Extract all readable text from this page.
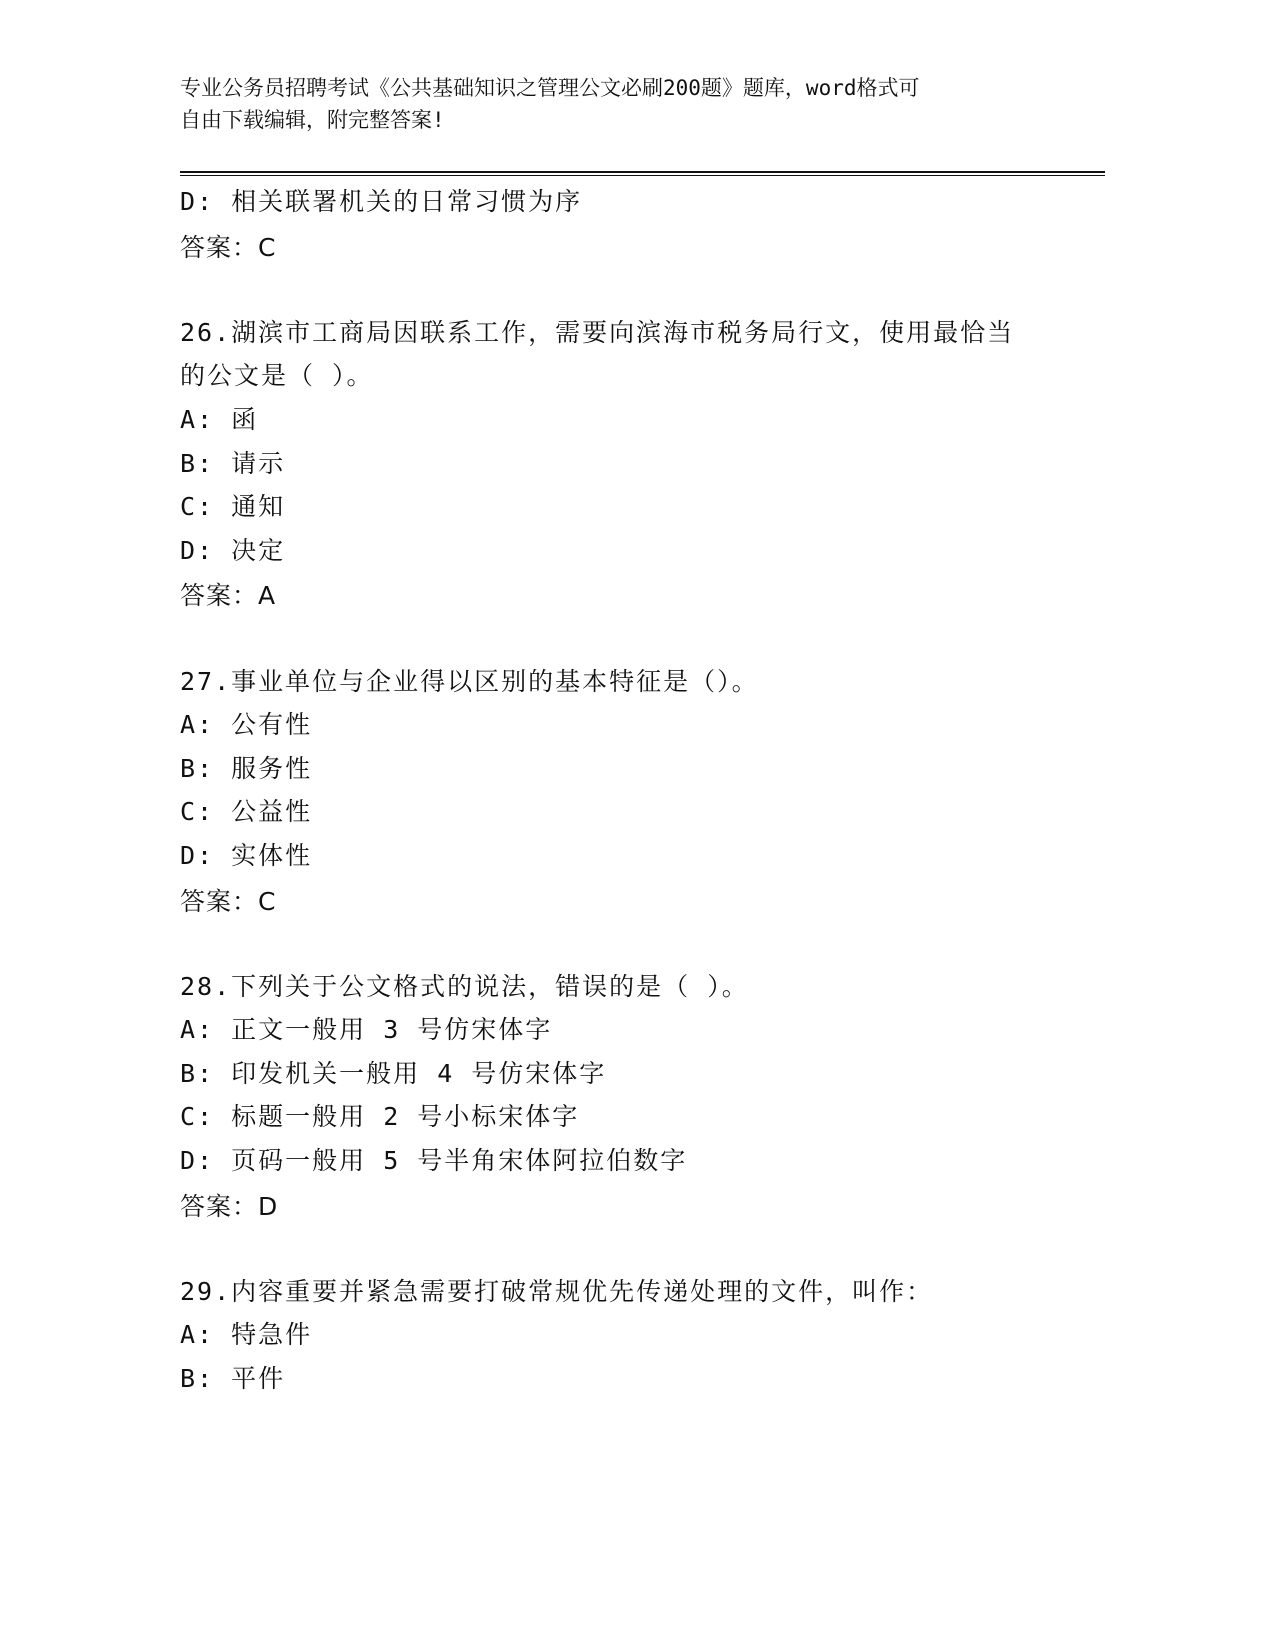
专业公务员招聘考试《公共基础知识之管理公文必刷200题》题库，word格式可
自由下载编辑，附完整答案!
D: 相关联署机关的日常习惯为序
答案：C
26.湖滨市工商局因联系工作，需要向滨海市税务局行文，使用最恰当
的公文是（ ）。
A: 函
B: 请示
C: 通知
D: 决定
答案：A
27.事业单位与企业得以区别的基本特征是（）。
A: 公有性
B: 服务性
C: 公益性
D: 实体性
答案：C
28.下列关于公文格式的说法，错误的是（ ）。
A: 正文一般用 3 号仿宋体字
B: 印发机关一般用 4 号仿宋体字
C: 标题一般用 2 号小标宋体字
D: 页码一般用 5 号半角宋体阿拉伯数字
答案：D
29.内容重要并紧急需要打破常规优先传递处理的文件，叫作：
A: 特急件
B: 平件
